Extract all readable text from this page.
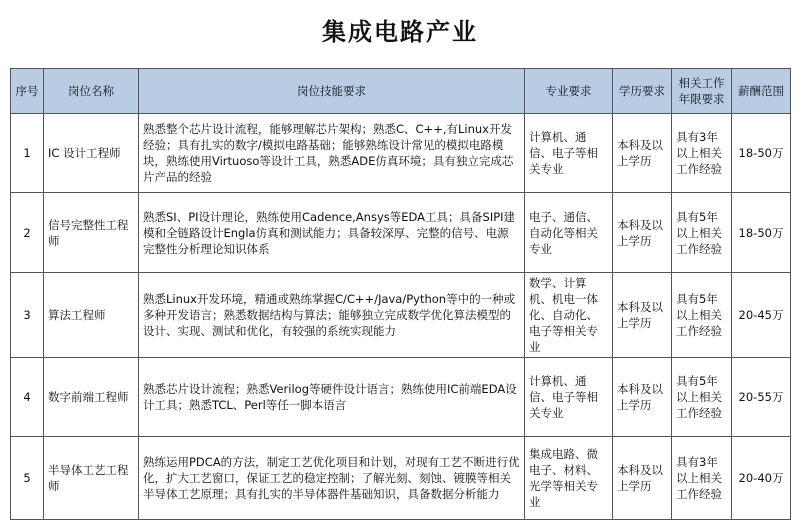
集成电路产业
序号	岗位名称	岗位技能要求	专业要求	学历要求	相关工作年限要求	薪酬范围
1	IC 设计工程师	熟悉整个芯片设计流程，能够理解芯片架构；熟悉C、C++,有Linux开发经验；具有扎实的数字/模拟电路基础；能够熟练设计常见的模拟电路模块，熟练使用Virtuoso等设计工具，熟悉ADE仿真环境；具有独立完成芯片产品的经验	计算机、通信、电子等相关专业	本科及以上学历	具有3年以上相关工作经验	18-50万
2	信号完整性工程师	熟悉SI、PI设计理论，熟练使用Cadence,Ansys等EDA工具；具备SIPI建模和全链路设计Engla仿真和测试能力；具备较深厚、完整的信号、电源完整性分析理论知识体系	电子、通信、自动化等相关专业	本科及以上学历	具有5年以上相关工作经验	18-50万
3	算法工程师	熟悉Linux开发环境，精通或熟练掌握C/C++/Java/Python等中的一种或多种开发语言；熟悉数据结构与算法；能够独立完成数学优化算法模型的设计、实现、测试和优化，有较强的系统实现能力	数学、计算机、机电一体化、自动化、电子等相关专业	本科及以上学历	具有5年以上相关工作经验	20-45万
4	数字前端工程师	熟悉芯片设计流程；熟悉Verilog等硬件设计语言；熟练使用IC前端EDA设计工具；熟悉TCL、Perl等任一脚本语言	计算机、通信、电子等相关专业	本科及以上学历	具有5年以上相关工作经验	20-55万
5	半导体工艺工程师	熟练运用PDCA的方法，制定工艺优化项目和计划，对现有工艺不断进行优化，扩大工艺窗口，保证工艺的稳定控制；了解光刻、刻蚀、镀膜等相关半导体工艺原理；具有扎实的半导体器件基础知识，具备数据分析能力	集成电路、微电子、材料、光学等相关专业	本科及以上学历	具有3年以上相关工作经验	20-40万
